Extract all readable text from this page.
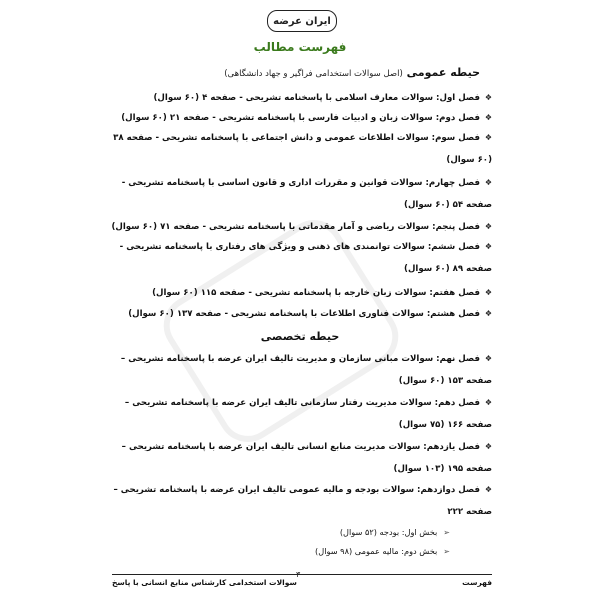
ایران عرضه
فهرست مطالب
حیطه عمومی (اصل سوالات استخدامی فراگیر و جهاد دانشگاهی)
❖فصل اول: سوالات معارف اسلامی با پاسخنامه تشریحی - صفحه ۴ (۶۰ سوال)
❖فصل دوم: سوالات زبان و ادبیات فارسی با پاسخنامه تشریحی - صفحه ۲۱ (۶۰ سوال)
❖فصل سوم: سوالات اطلاعات عمومی و دانش اجتماعی با پاسخنامه تشریحی - صفحه ۳۸ (۶۰ سوال)
❖فصل چهارم: سوالات قوانین و مقررات اداری و قانون اساسی با پاسخنامه تشریحی - صفحه ۵۴ (۶۰ سوال)
❖فصل پنجم: سوالات ریاضی و آمار مقدماتی با پاسخنامه تشریحی - صفحه ۷۱ (۶۰ سوال)
❖فصل ششم: سوالات توانمندی های ذهنی و ویژگی های رفتاری با پاسخنامه تشریحی - صفحه ۸۹ (۶۰ سوال)
❖فصل هفتم: سوالات زبان خارجه با پاسخنامه تشریحی - صفحه ۱۱۵ (۶۰ سوال)
❖فصل هشتم: سوالات فناوری اطلاعات با پاسخنامه تشریحی - صفحه ۱۳۷ (۶۰ سوال)
حیطه تخصصی
❖فصل نهم: سوالات مبانی سازمان و مدیریت تالیف ایران عرضه با پاسخنامه تشریحی – صفحه ۱۵۳ (۶۰ سوال)
❖فصل دهم: سوالات مدیریت رفتار سازمانی تالیف ایران عرضه با پاسخنامه تشریحی – صفحه ۱۶۶ (۷۵ سوال)
❖فصل یازدهم: سوالات مدیریت منابع انسانی تالیف ایران عرضه با پاسخنامه تشریحی – صفحه ۱۹۵ (۱۰۳ سوال)
❖فصل دوازدهم: سوالات بودجه و مالیه عمومی تالیف ایران عرضه با پاسخنامه تشریحی – صفحه ۲۲۲
➢بخش اول: بودجه (۵۲ سوال)
➢بخش دوم: مالیه عمومی (۹۸ سوال)
۳
فهرست
سوالات استخدامی کارشناس منابع انسانی با پاسخ
